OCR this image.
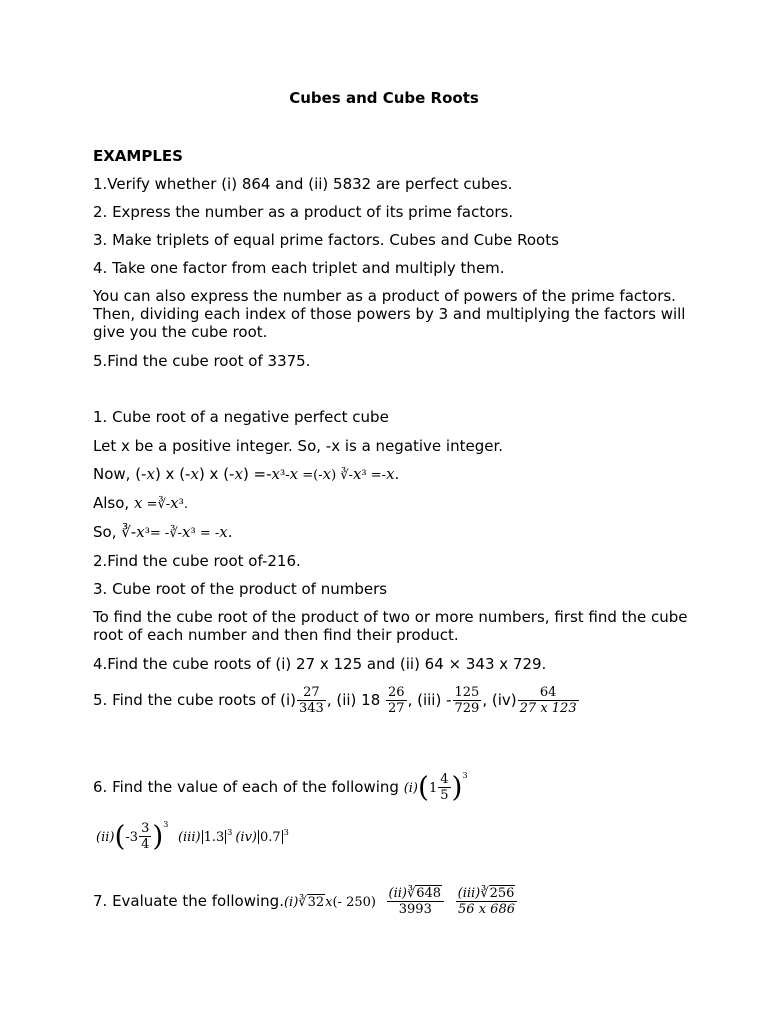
Cubes and Cube Roots
EXAMPLES
1.Verify whether (i) 864 and (ii) 5832 are perfect cubes.
2. Express the number as a product of its prime factors.
3. Make triplets of equal prime factors. Cubes and Cube Roots
4. Take one factor from each triplet and multiply them.
You can also express the number as a product of powers of the prime factors. Then, dividing each index of those powers by 3 and multiplying the factors will give you the cube root.
5.Find the cube root of 3375.
1. Cube root of a negative perfect cube
Let x be a positive integer. So, -x is a negative integer.
Now, (-x) x (-x) x (-x) =-x³-x =(-x) ∛-x³ =-x.
Also, x =∛-x³.
So, ∛-x³= -∛-x³ = -x.
2.Find the cube root of-216.
3. Cube root of the product of numbers
To find the cube root of the product of two or more numbers, first find the cube root of each number and then find their product.
4.Find the cube roots of (i) 27 x 125 and (ii) 64 × 343 x 729.
5. Find the cube roots of $(i) \frac{27}{343}$ , (ii) $18 \frac{26}{27}$ , $(iii) - \frac{125}{729}$ , $(iv) \frac{64}{27 x 123}$
6. Find the value of each of the following $(i)(1 \frac{4}{5} )^3$
$(ii)(-3 \frac{3}{4} )^3$  (iii) 1.3 $^3$ (iv) 0.7 $^3$
7. Evaluate the following.(i)∛32x(- $250) \frac{(ii)∛648}{3993}$
$\frac{\text{(iii)∛256}}{56 x 686}$
